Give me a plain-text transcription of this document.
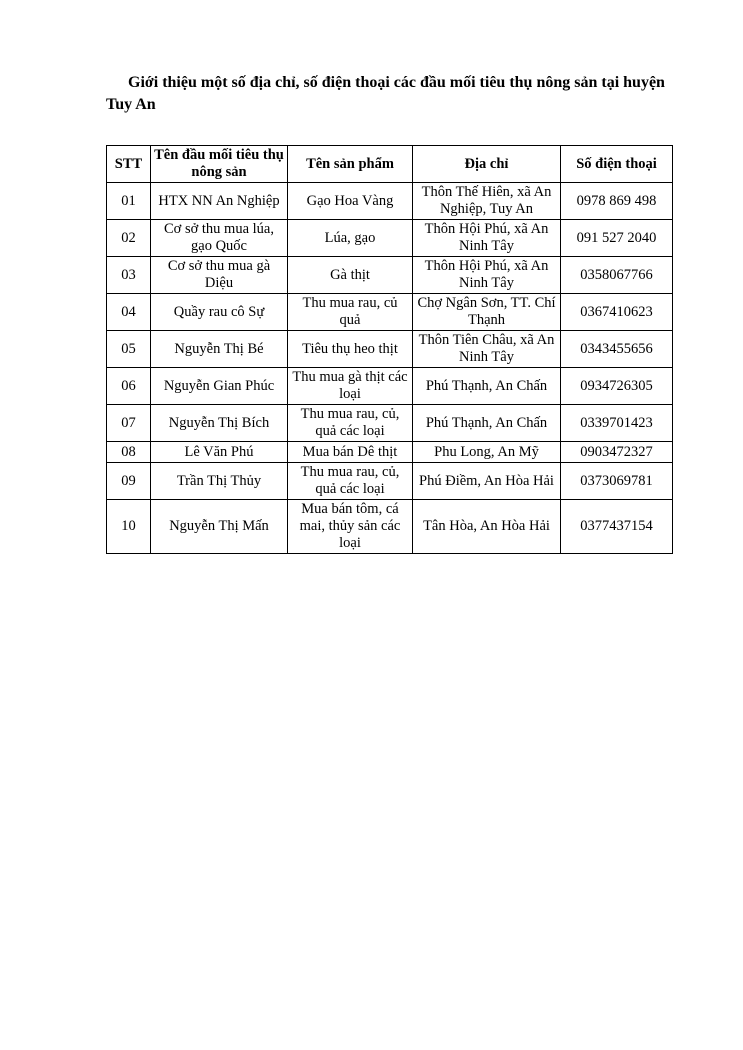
Giới thiệu một số địa chỉ, số điện thoại các đầu mối tiêu thụ nông sản tại huyện Tuy An

STT	Tên đầu mối tiêu thụ nông sản	Tên sản phẩm	Địa chỉ	Số điện thoại
01	HTX NN An Nghiệp	Gạo Hoa Vàng	Thôn Thế Hiên, xã An Nghiệp, Tuy An	0978 869 498
02	Cơ sở thu mua lúa, gạo Quốc	Lúa, gạo	Thôn Hội Phú, xã An Ninh Tây	091 527 2040
03	Cơ sở thu mua gà Diệu	Gà thịt	Thôn Hội Phú, xã An Ninh Tây	0358067766
04	Quầy rau cô Sự	Thu mua rau, củ quả	Chợ Ngân Sơn, TT. Chí Thạnh	0367410623
05	Nguyễn Thị Bé	Tiêu thụ heo thịt	Thôn Tiên Châu, xã An Ninh Tây	0343455656
06	Nguyễn Gian Phúc	Thu mua gà thịt các loại	Phú Thạnh, An Chấn	0934726305
07	Nguyễn Thị Bích	Thu mua rau, củ, quả các loại	Phú Thạnh, An Chấn	0339701423
08	Lê Văn Phú	Mua bán Dê thịt	Phu Long, An Mỹ	0903472327
09	Trần Thị Thủy	Thu mua rau, củ, quả các loại	Phú Điềm, An Hòa Hải	0373069781
10	Nguyễn Thị Mấn	Mua bán tôm, cá mai, thủy sản các loại	Tân Hòa, An Hòa Hải	0377437154
